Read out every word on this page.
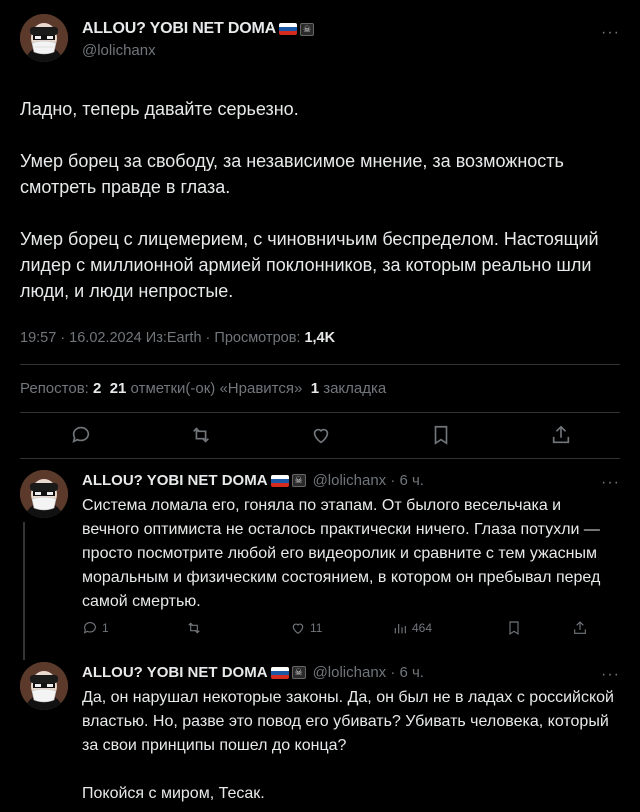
ALLOU? YOBI NET DOMA	☠
@lolichanx
···

Ладно, теперь давайте серьезно.

Умер борец за свободу, за независимое мнение, за возможность смотреть правде в глаза.

Умер борец с лицемерием, с чиновничьим беспределом. Настоящий лидер с миллионной армией поклонников, за которым реально шли люди, и люди непростые.

19:57 · 16.02.2024 Из:Earth · Просмотров: 1,4K
Репостов: 2 21 отметки(-ок) «Нравится»  1 закладка
ALLOU? YOBI NET DOMA	☠ @lolichanx · 6 ч.	···

Система ломала его, гоняла по этапам. От былого весельчака и вечного оптимиста не осталось практически ничего. Глаза потухли — просто посмотрите любой его видеоролик и сравните с тем ужасным моральным и физическим состоянием, в котором он пребывал перед самой смертью.

1	11	464
ALLOU? YOBI NET DOMA	☠ @lolichanx · 6 ч.	···

Да, он нарушал некоторые законы. Да, он был не в ладах с российской властью. Но, разве это повод его убивать? Убивать человека, который за свои принципы пошел до конца?

Покойся с миром, Тесак.
